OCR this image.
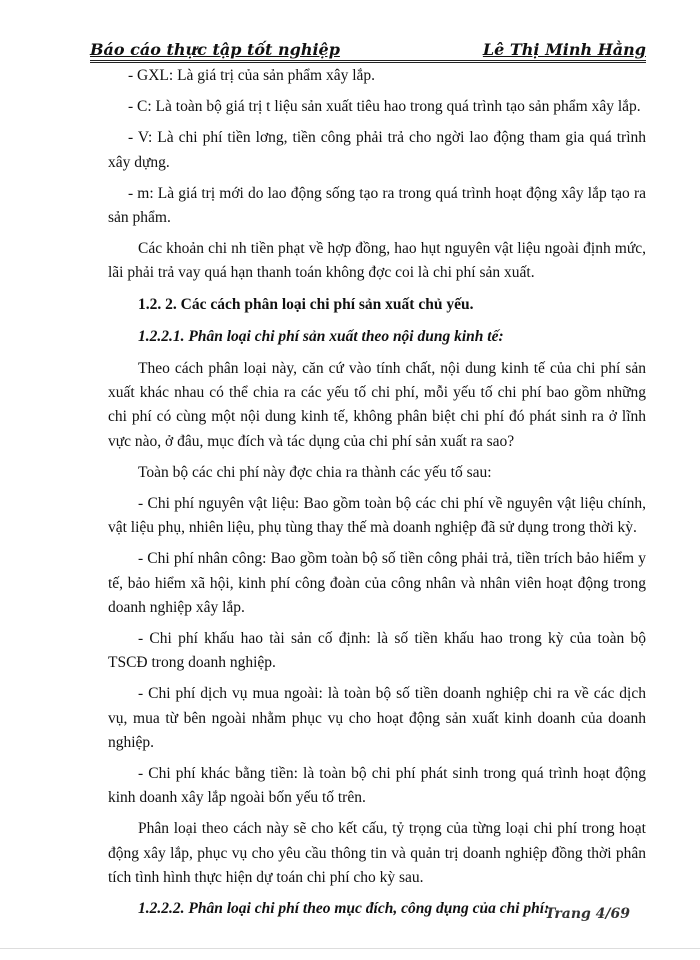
Báo cáo thực tập tốt nghiệp	Lê Thị Minh Hằng

- GXL: Là giá trị của sản phẩm xây lắp.

- C: Là toàn bộ giá trị t liệu sản xuất tiêu hao trong quá trình tạo sản phẩm xây lắp.

- V: Là chi phí tiền lơng, tiền công phải trả cho ngời lao động tham gia quá trình xây dựng.

- m: Là giá trị mới do lao động sống tạo ra trong quá trình hoạt động xây lắp tạo ra sản phẩm.

Các khoản chi nh tiền phạt về hợp đồng, hao hụt nguyên vật liệu ngoài định mức, lãi phải trả vay quá hạn thanh toán không đợc coi là chi phí sản xuất.

1.2. 2. Các cách phân loại chi phí sản xuất chủ yếu.

1.2.2.1. Phân loại chi phí sản xuất theo nội dung kinh tế:

Theo cách phân loại này, căn cứ vào tính chất, nội dung kinh tế của chi phí sản xuất khác nhau có thể chia ra các yếu tố chi phí, mỗi yếu tố chi phí bao gồm những chi phí có cùng một nội dung kinh tế, không phân biệt chi phí đó phát sinh ra ở lĩnh vực nào, ở đâu, mục đích và tác dụng của chi phí sản xuất ra sao?

Toàn bộ các chi phí này đợc chia ra thành các yếu tố sau:

- Chi phí nguyên vật liệu: Bao gồm toàn bộ các chi phí về nguyên vật liệu chính, vật liệu phụ, nhiên liệu, phụ tùng thay thế mà doanh nghiệp đã sử dụng trong thời kỳ.

- Chi phí nhân công: Bao gồm toàn bộ số tiền công phải trả, tiền trích bảo hiểm y tế, bảo hiểm xã hội, kinh phí công đoàn của công nhân và nhân viên hoạt động trong doanh nghiệp xây lắp.

- Chi phí khấu hao tài sản cố định: là số tiền khấu hao trong kỳ của toàn bộ TSCĐ trong doanh nghiệp.

- Chi phí dịch vụ mua ngoài: là toàn bộ số tiền doanh nghiệp chi ra về các dịch vụ, mua từ bên ngoài nhằm phục vụ cho hoạt động sản xuất kinh doanh của doanh nghiệp.

- Chi phí khác bằng tiền: là toàn bộ chi phí phát sinh trong quá trình hoạt động kinh doanh xây lắp ngoài bốn yếu tố trên.

Phân loại theo cách này sẽ cho kết cấu, tỷ trọng của từng loại chi phí trong hoạt động xây lắp, phục vụ cho yêu cầu thông tin và quản trị doanh nghiệp đồng thời phân tích tình hình thực hiện dự toán chi phí cho kỳ sau.

1.2.2.2. Phân loại chi phí theo mục đích, công dụng của chi phí:

Trang 4/69
